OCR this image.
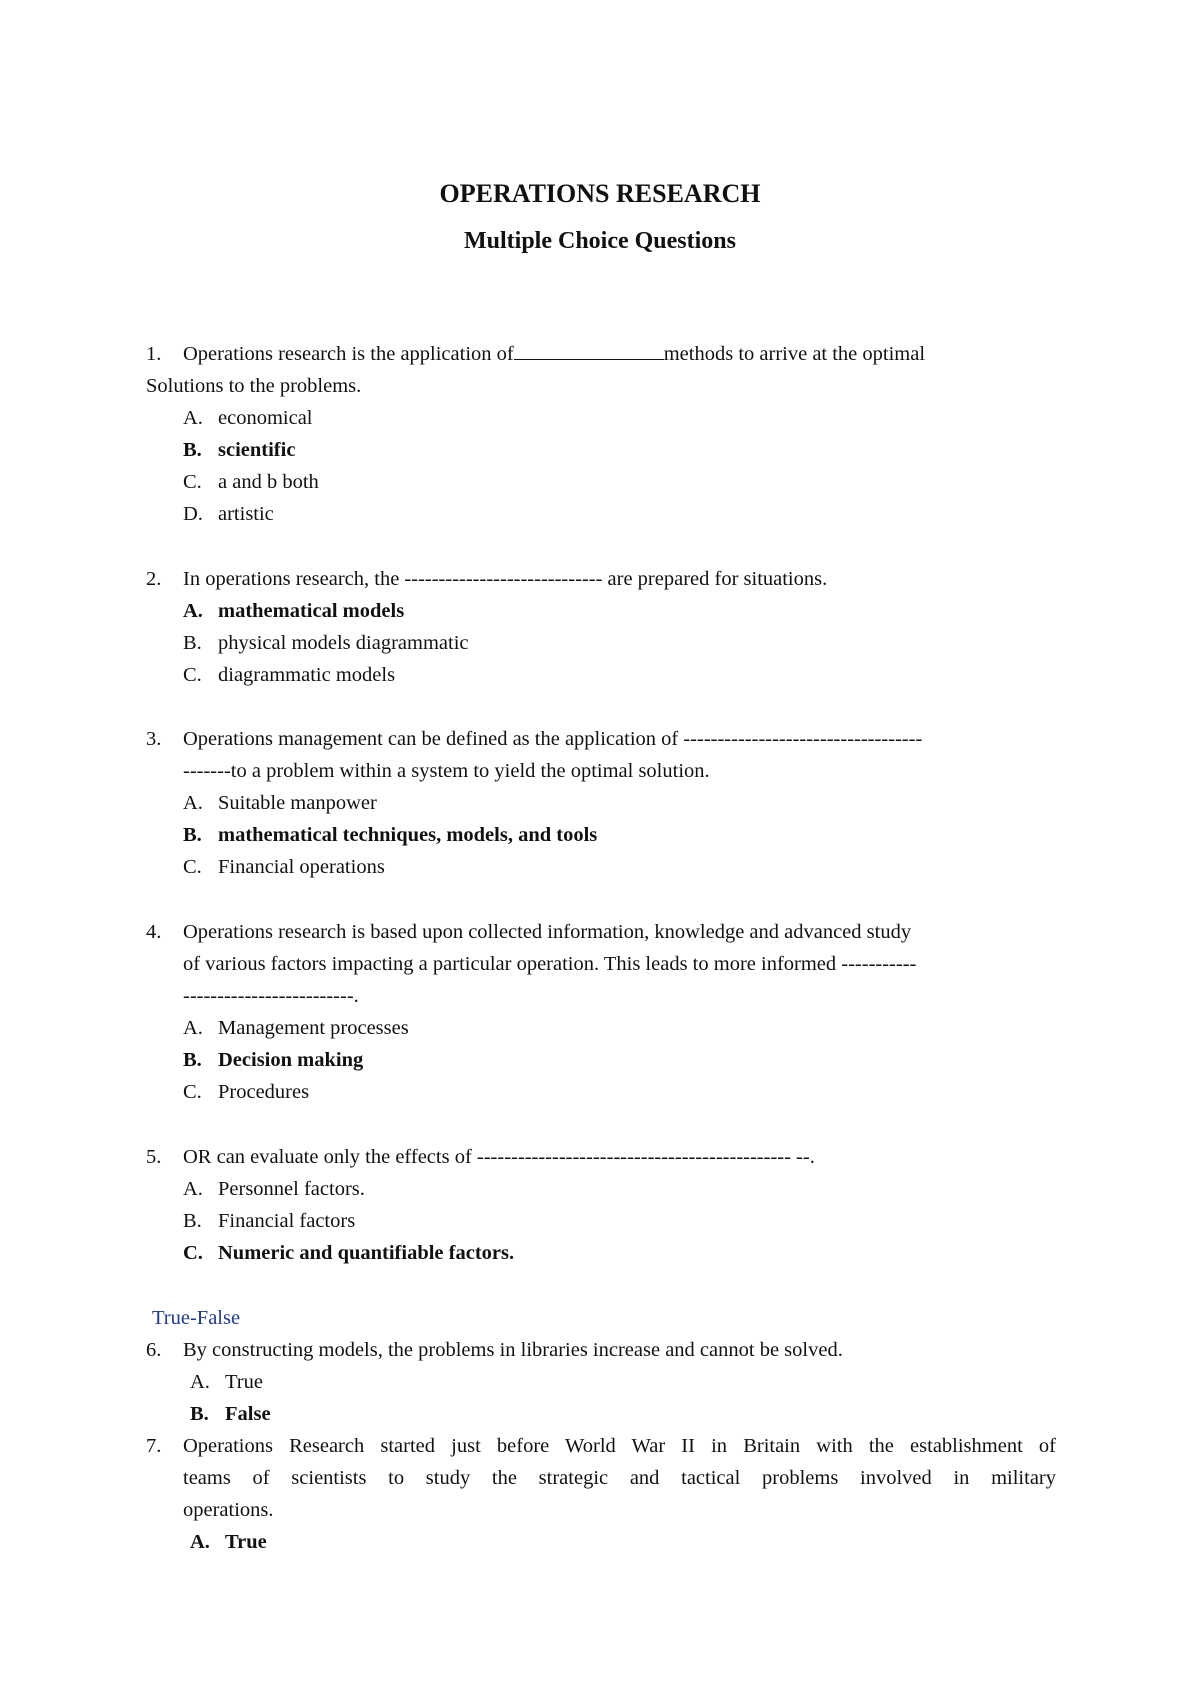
OPERATIONS RESEARCH
Multiple Choice Questions
1. Operations research is the application of	methods to arrive at the optimal
Solutions to the problems.
A. economical
B. scientific
C. a and b both
D. artistic
2. In operations research, the ----------------------------- are prepared for situations.
A. mathematical models
B. physical models diagrammatic
C. diagrammatic models
3. Operations management can be defined as the application of -----------------------------------
-------to a problem within a system to yield the optimal solution.
A. Suitable manpower
B. mathematical techniques, models, and tools
C. Financial operations
4. Operations research is based upon collected information, knowledge and advanced study
of various factors impacting a particular operation. This leads to more informed -----------
-------------------------.
A. Management processes
B. Decision making
C. Procedures
5. OR can evaluate only the effects of ---------------------------------------------- --.
A. Personnel factors.
B. Financial factors
C. Numeric and quantifiable factors.
True-False
6. By constructing models, the problems in libraries increase and cannot be solved.
A. True
B. False
7. Operations Research started just before World War II in Britain with the establishment of
teams of scientists to study the strategic and tactical problems involved in military
operations.
A. True
